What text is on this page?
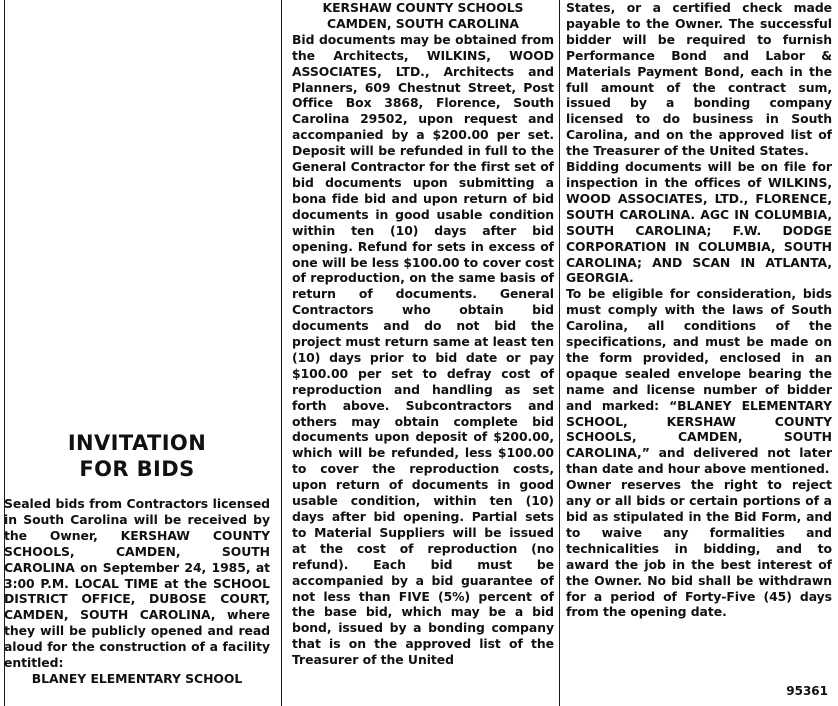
INVITATION
FOR BIDS

Sealed bids from Contractors licensed in South Carolina will be received by the Owner, KERSHAW COUNTY SCHOOLS, CAMDEN, SOUTH CAROLINA on September 24, 1985, at 3:00 P.M. LOCAL TIME at the SCHOOL DISTRICT OFFICE, DUBOSE COURT, CAMDEN, SOUTH CAROLINA, where they will be publicly opened and read aloud for the construction of a facility entitled:

BLANEY ELEMENTARY SCHOOL

KERSHAW COUNTY SCHOOLS

CAMDEN, SOUTH CAROLINA

Bid documents may be obtained from the Architects, WILKINS, WOOD ASSOCIATES, LTD., Architects and Planners, 609 Chestnut Street, Post Office Box 3868, Florence, South Carolina 29502, upon request and accompanied by a $200.00 per set. Deposit will be refunded in full to the General Contractor for the first set of bid documents upon submitting a bona fide bid and upon return of bid documents in good usable condition within ten (10) days after bid opening. Refund for sets in excess of one will be less $100.00 to cover cost of reproduction, on the same basis of return of documents. General Contractors who obtain bid documents and do not bid the project must return same at least ten (10) days prior to bid date or pay $100.00 per set to defray cost of reproduction and handling as set forth above. Subcontractors and others may obtain complete bid documents upon deposit of $200.00, which will be refunded, less $100.00 to cover the reproduction costs, upon return of documents in good usable condition, within ten (10) days after bid opening. Partial sets to Material Suppliers will be issued at the cost of reproduction (no refund). Each bid must be accompanied by a bid guarantee of not less than FIVE (5%) percent of the base bid, which may be a bid bond, issued by a bonding company that is on the approved list of the Treasurer of the United

States, or a certified check made payable to the Owner. The successful bidder will be required to furnish Performance Bond and Labor & Materials Payment Bond, each in the full amount of the contract sum, issued by a bonding company licensed to do business in South Carolina, and on the approved list of the Treasurer of the United States.

Bidding documents will be on file for inspection in the offices of WILKINS, WOOD ASSOCIATES, LTD., FLORENCE, SOUTH CAROLINA. AGC IN COLUMBIA, SOUTH CAROLINA; F.W. DODGE CORPORATION IN COLUMBIA, SOUTH CAROLINA; AND SCAN IN ATLANTA, GEORGIA.

To be eligible for consideration, bids must comply with the laws of South Carolina, all conditions of the specifications, and must be made on the form provided, enclosed in an opaque sealed envelope bearing the name and license number of bidder and marked: “BLANEY ELEMENTARY SCHOOL, KERSHAW COUNTY SCHOOLS, CAMDEN, SOUTH CAROLINA,” and delivered not later than date and hour above mentioned.

Owner reserves the right to reject any or all bids or certain portions of a bid as stipulated in the Bid Form, and to waive any formalities and technicalities in bidding, and to award the job in the best interest of the Owner. No bid shall be withdrawn for a period of Forty-Five (45) days from the opening date.

95361
